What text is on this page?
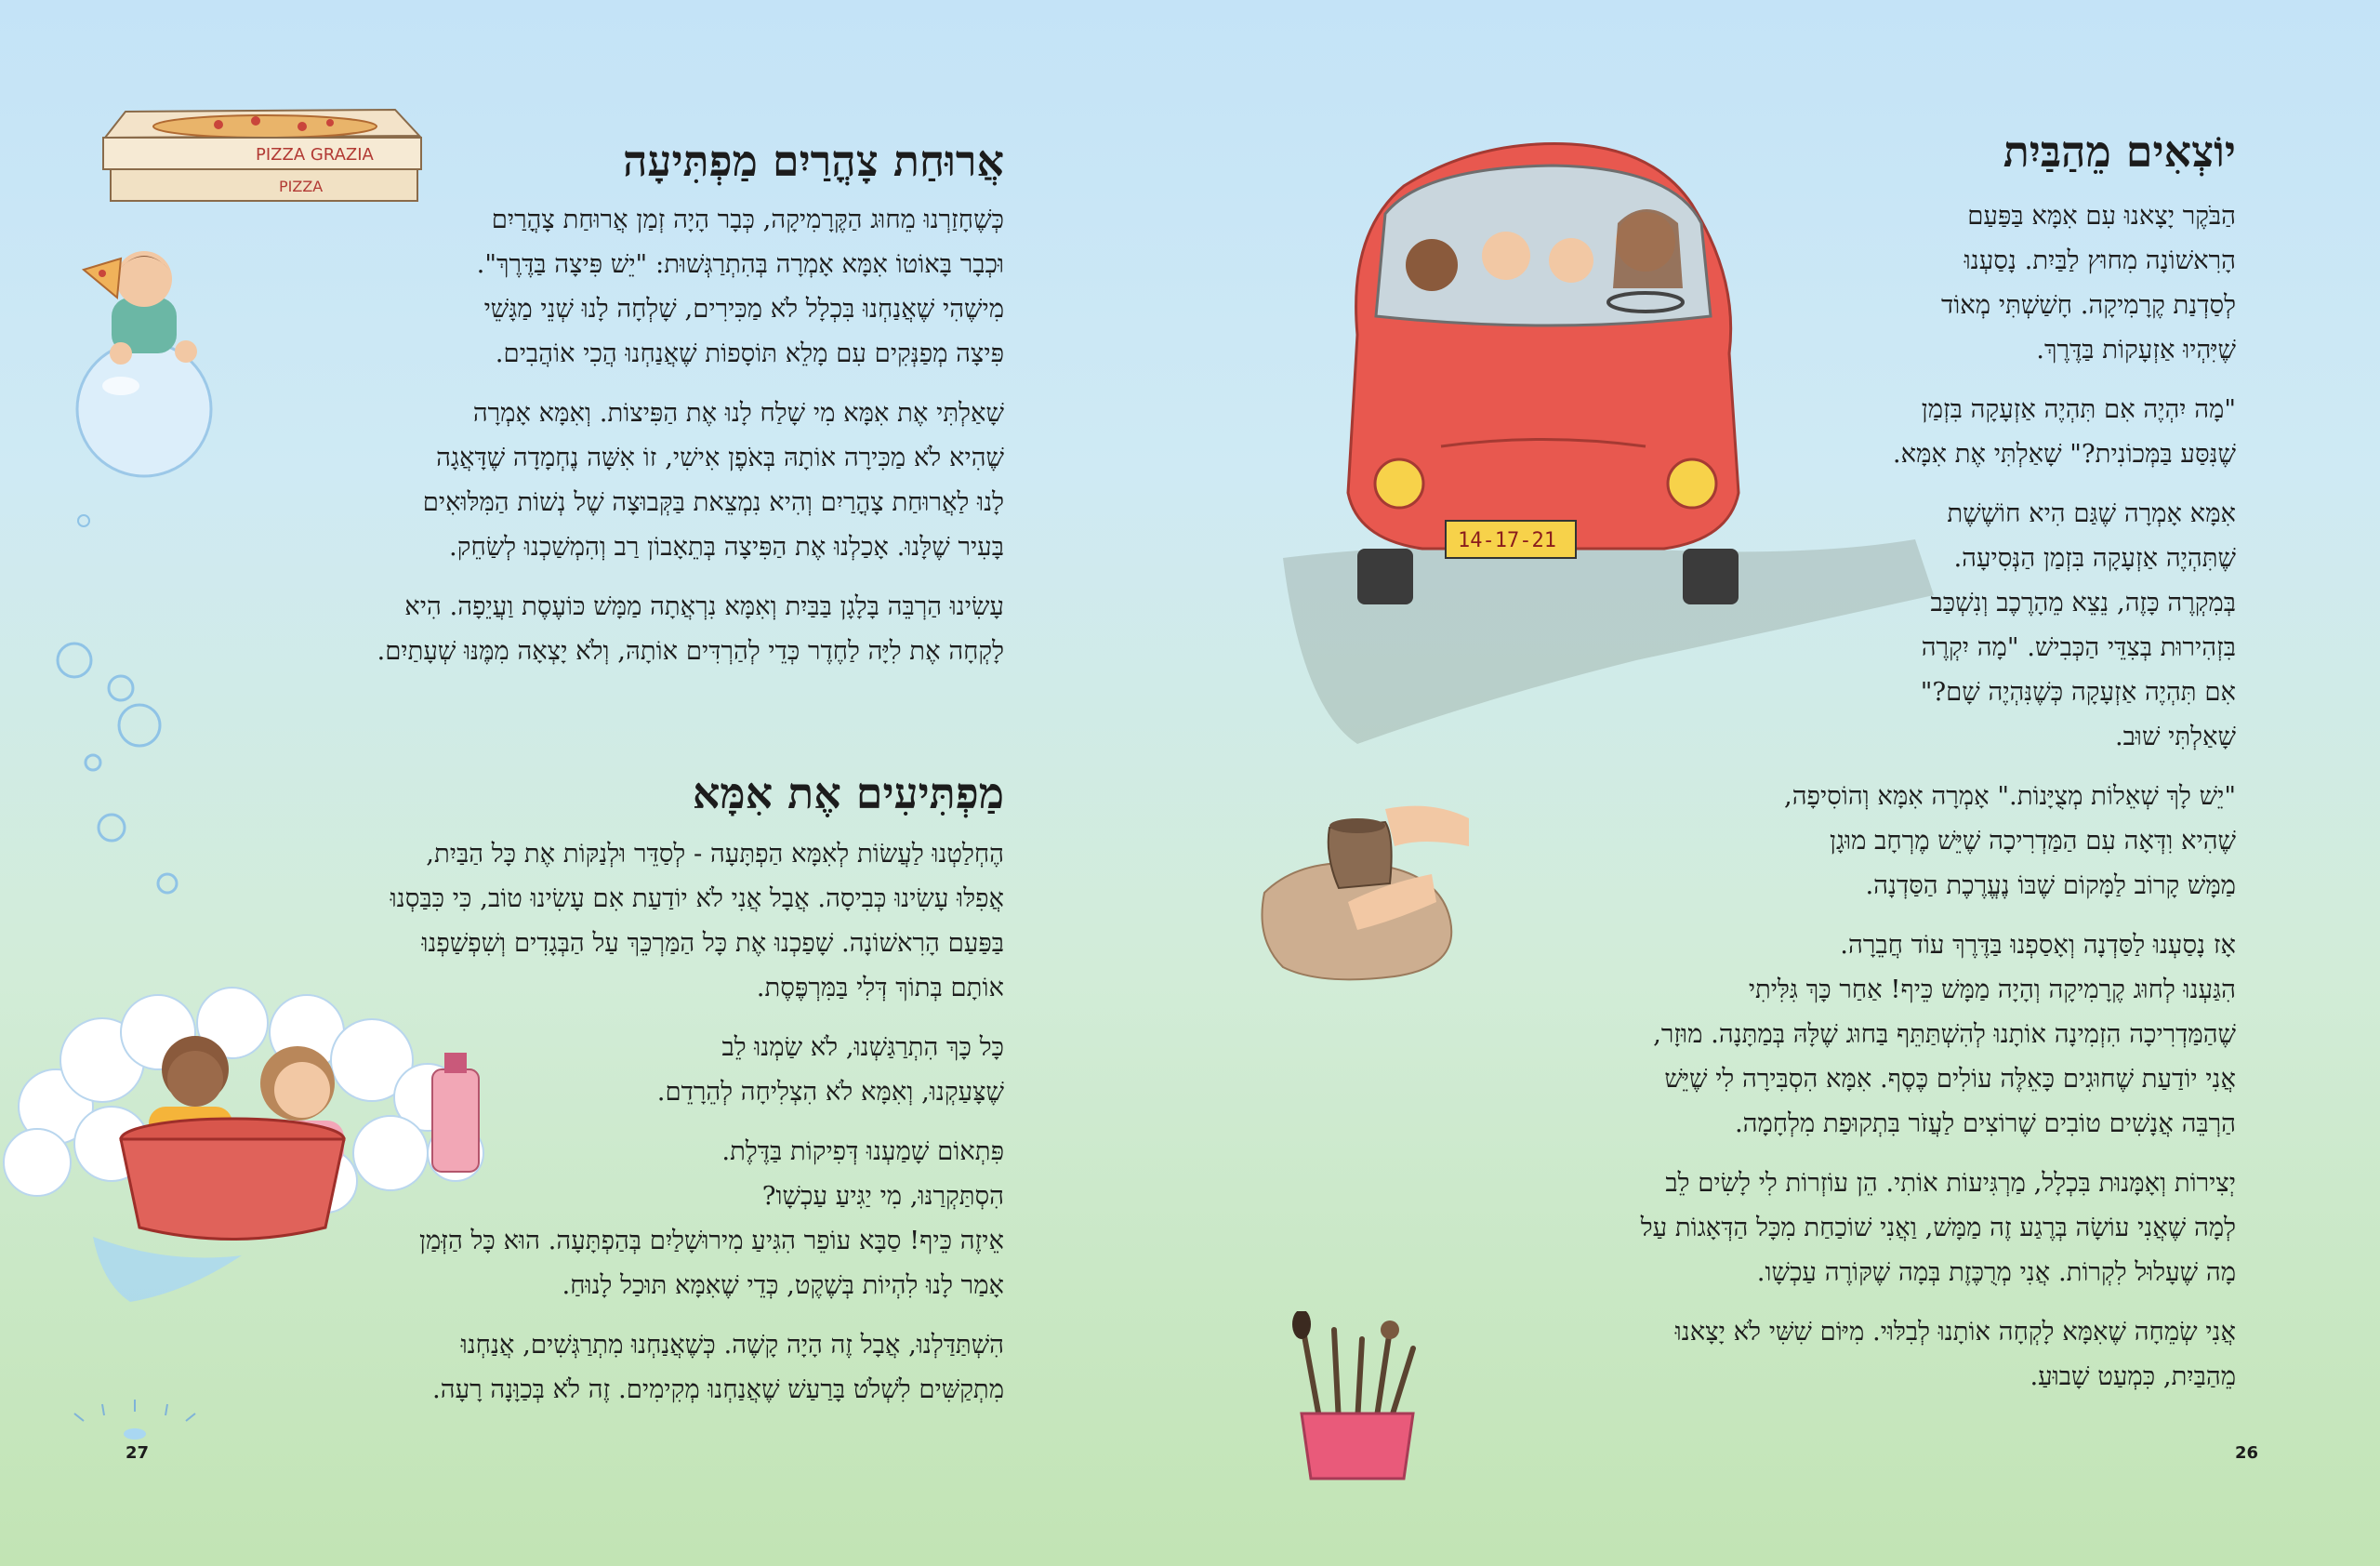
PIZZA GRAZIA
PIZZA
אֲרוּחַת צָהֳרַיִם מַפְתִּיעָה

כְּשֶׁחָזַרְנוּ מֵחוּג הַקֶּרָמִיקָה, כְּבָר הָיָה זְמַן אֲרוּחַת צָהֳרַיִם
וּכְבָר בָּאוֹטוֹ אִמָּא אָמְרָה בְּהִתְרַגְּשׁוּת: "יֵשׁ פִּיצָה בַּדֶּרֶךְ".
מִישֶׁהִי שֶׁאֲנַחְנוּ בִּכְלָל לֹא מַכִּירִים, שָׁלְחָה לָנוּ שְׁנֵי מַגָּשֵׁי
פִּיצָה מְפַנְּקִים עִם מָלֵא תּוֹסָפוֹת שֶׁאֲנַחְנוּ הֲכִי אוֹהֲבִים.

שָׁאַלְתִּי אֶת אִמָּא מִי שָׁלַח לָנוּ אֶת הַפִּיצוֹת. וְאִמָּא אָמְרָה
שֶׁהִיא לֹא מַכִּירָה אוֹתָהּ בְּאֹפֶן אִישִׁי, זוֹ אִשָּׁה נֶחְמָדָה שֶׁדָּאֲגָה
לָנוּ לַאֲרוּחַת צָהֳרַיִם וְהִיא נִמְצֵאת בַּקְּבוּצָה שֶׁל נְשׁוֹת הַמִּלּוּאִים
בָּעִיר שֶׁלָּנוּ. אָכַלְנוּ אֶת הַפִּיצָה בְּתֵאָבוֹן רַב וְהִמְשַׁכְנוּ לְשַׂחֵק.

עָשִׂינוּ הַרְבֵּה בָּלָגָן בַּבַּיִת וְאִמָּא נִרְאֲתָה מַמָּשׁ כּוֹעֶסֶת וַעֲיֵפָה. הִיא
לָקְחָה אֶת לִיָּה לַחֶדֶר כְּדֵי לְהַרְדִּים אוֹתָהּ, וְלֹא יָצְאָה מִמֶּנּוּ שְׁעָתַיִם.

מַפְתִּיעִים אֶת אִמָּא

הֶחְלַטְנוּ לַעֲשׂוֹת לְאִמָּא הַפְתָּעָה - לְסַדֵּר וּלְנַקּוֹת אֶת כָּל הַבַּיִת,
אֲפִלּוּ עָשִׂינוּ כְּבִיסָה. אֲבָל אֲנִי לֹא יוֹדַעַת אִם עָשִׂינוּ טוֹב, כִּי כִּבַּסְנוּ
בַּפַּעַם הָרִאשׁוֹנָה. שָׁפַכְנוּ אֶת כָּל הַמַּרְכֵּךְ עַל הַבְּגָדִים וְשִׁפְשַׁפְנוּ
אוֹתָם בְּתוֹךְ דְּלִי בַּמִּרְפֶּסֶת.

כָּל כָּךְ הִתְרַגַּשְׁנוּ, לֹא שַׂמְנוּ לֵב
שֶׁצָּעַקְנוּ, וְאִמָּא לֹא הִצְלִיחָה לְהֵרָדֵם.

פִּתְאוֹם שָׁמַעְנוּ דְּפִיקוֹת בַּדֶּלֶת.
הִסְתַּקְרַנּוּ, מִי יַגִּיעַ עַכְשָׁו?
אֵיזֶה כֵּיף! סַבָּא עוֹפֵר הִגִּיעַ מִירוּשָׁלַיִם בְּהַפְתָּעָה. הוּא כָּל הַזְּמַן
אָמַר לָנוּ לִהְיוֹת בְּשֶׁקֶט, כְּדֵי שֶׁאִמָּא תּוּכַל לָנוּחַ.

הִשְׁתַּדַּלְנוּ, אֲבָל זֶה הָיָה קָשֶׁה. כְּשֶׁאֲנַחְנוּ מִתְרַגְּשִׁים, אֲנַחְנוּ
מִתְקַשִּׁים לִשְׁלֹט בָּרַעַשׁ שֶׁאֲנַחְנוּ מְקִימִים. זֶה לֹא בְּכַוָּנָה רָעָה.

27
14-17-21
יוֹצְאִים מֵהַבַּיִת

הַבֹּקֶר יָצָאנוּ עִם אִמָּא בַּפַּעַם
הָרִאשׁוֹנָה מִחוּץ לַבַּיִת. נָסַעְנוּ
לְסַדְנַת קֶרָמִיקָה. חָשַׁשְׁתִּי מְאוֹד
שֶׁיִּהְיוּ אַזְעָקוֹת בַּדֶּרֶךְ.

"מָה יִהְיֶה אִם תִּהְיֶה אַזְעָקָה בִּזְמַן
שֶׁנִּסַּע בַּמְּכוֹנִית?" שָׁאַלְתִּי אֶת אִמָּא.

אִמָּא אָמְרָה שֶׁגַּם הִיא חוֹשֶׁשֶׁת
שֶׁתִּהְיֶה אַזְעָקָה בִּזְמַן הַנְּסִיעָה.
בְּמִקְרֶה כָּזֶה, נֵצֵא מֵהָרֶכֶב וְנִשְׁכַּב
בִּזְהִירוּת בְּצִדֵּי הַכְּבִישׁ. "מָה יִקְרֶה
אִם תִּהְיֶה אַזְעָקָה כְּשֶׁנִּהְיֶה שָׁם?"
שָׁאַלְתִּי שׁוּב.

"יֵשׁ לָךְ שְׁאֵלוֹת מְצֻיָּנוֹת." אָמְרָה אִמָּא וְהוֹסִיפָה,
שֶׁהִיא וִדְּאָה עִם הַמַּדְרִיכָה שֶׁיֵּשׁ מֶרְחָב מוּגָן
מַמָּשׁ קָרוֹב לַמָּקוֹם שֶׁבּוֹ נֶעֱרֶכֶת הַסַּדְנָה.

אָז נָסַעְנוּ לַסַּדְנָה וְאָסַפְנוּ בַּדֶּרֶךְ עוֹד חֲבֵרָה.
הִגַּעְנוּ לְחוּג קֶרָמִיקָה וְהָיָה מַמָּשׁ כֵּיף! אַחַר כָּךְ גִּלִּיתִי
שֶׁהַמַּדְרִיכָה הִזְמִינָה אוֹתָנוּ לְהִשְׁתַּתֵּף בַּחוּג שֶׁלָּהּ בְּמַתָּנָה. מוּזָר,
אֲנִי יוֹדַעַת שֶׁחוּגִים כָּאֵלֶּה עוֹלִים כֶּסֶף. אִמָּא הִסְבִּירָה לִי שֶׁיֵּשׁ
הַרְבֵּה אֲנָשִׁים טוֹבִים שֶׁרוֹצִים לַעֲזֹר בִּתְקוּפַת מִלְחָמָה.

יְצִירוֹת וְאָמָּנוּת בִּכְלָל, מַרְגִּיעוֹת אוֹתִי. הֵן עוֹזְרוֹת לִי לָשִׂים לֵב
לְמָה שֶׁאֲנִי עוֹשָׂה בְּרֶגַע זֶה מַמָּשׁ, וַאֲנִי שׁוֹכַחַת מִכָּל הַדְּאָגוֹת עַל
מָה שֶׁעָלוּל לִקְרוֹת. אֲנִי מְרֻכֶּזֶת בְּמָה שֶׁקּוֹרֶה עַכְשָׁו.

אֲנִי שְׂמֵחָה שֶׁאִמָּא לָקְחָה אוֹתָנוּ לְבִלּוּי. מִיּוֹם שִׁשִּׁי לֹא יָצָאנוּ
מֵהַבַּיִת, כִּמְעַט שָׁבוּעַ.

26
